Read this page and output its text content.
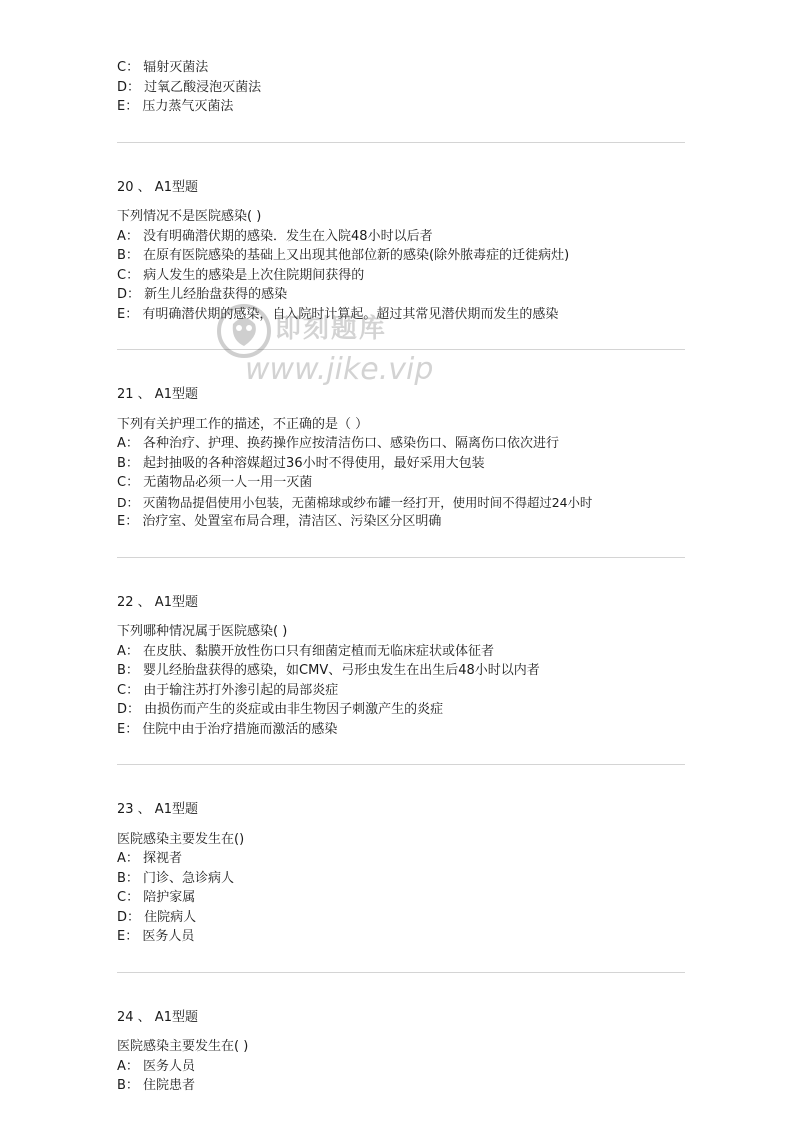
C： 辐射灭菌法
D： 过氧乙酸浸泡灭菌法
E： 压力蒸气灭菌法
20 、 A1型题
下列情况不是医院感染( )
A： 没有明确潜伏期的感染．发生在入院48小时以后者
B： 在原有医院感染的基础上又出现其他部位新的感染(除外脓毒症的迁徙病灶)
C： 病人发生的感染是上次住院期间获得的
D： 新生儿经胎盘获得的感染
E： 有明确潜伏期的感染，自入院时计算起。超过其常见潜伏期而发生的感染
21 、 A1型题
下列有关护理工作的描述，不正确的是（ ）
A： 各种治疗、护理、换药操作应按清洁伤口、感染伤口、隔离伤口依次进行
B： 起封抽吸的各种溶媒超过36小时不得使用，最好采用大包装
C： 无菌物品必须一人一用一灭菌
D： 灭菌物品提倡使用小包装，无菌棉球或纱布罐一经打开，使用时间不得超过24小时
E： 治疗室、处置室布局合理，清洁区、污染区分区明确
22 、 A1型题
下列哪种情况属于医院感染( )
A： 在皮肤、黏膜开放性伤口只有细菌定植而无临床症状或体征者
B： 婴儿经胎盘获得的感染，如CMV、弓形虫发生在出生后48小时以内者
C： 由于输注苏打外渗引起的局部炎症
D： 由损伤而产生的炎症或由非生物因子刺激产生的炎症
E： 住院中由于治疗措施而激活的感染
23 、 A1型题
医院感染主要发生在()
A： 探视者
B： 门诊、急诊病人
C： 陪护家属
D： 住院病人
E： 医务人员
24 、 A1型题
医院感染主要发生在( )
A： 医务人员
B： 住院患者
即刻题库
www.jike.vip
